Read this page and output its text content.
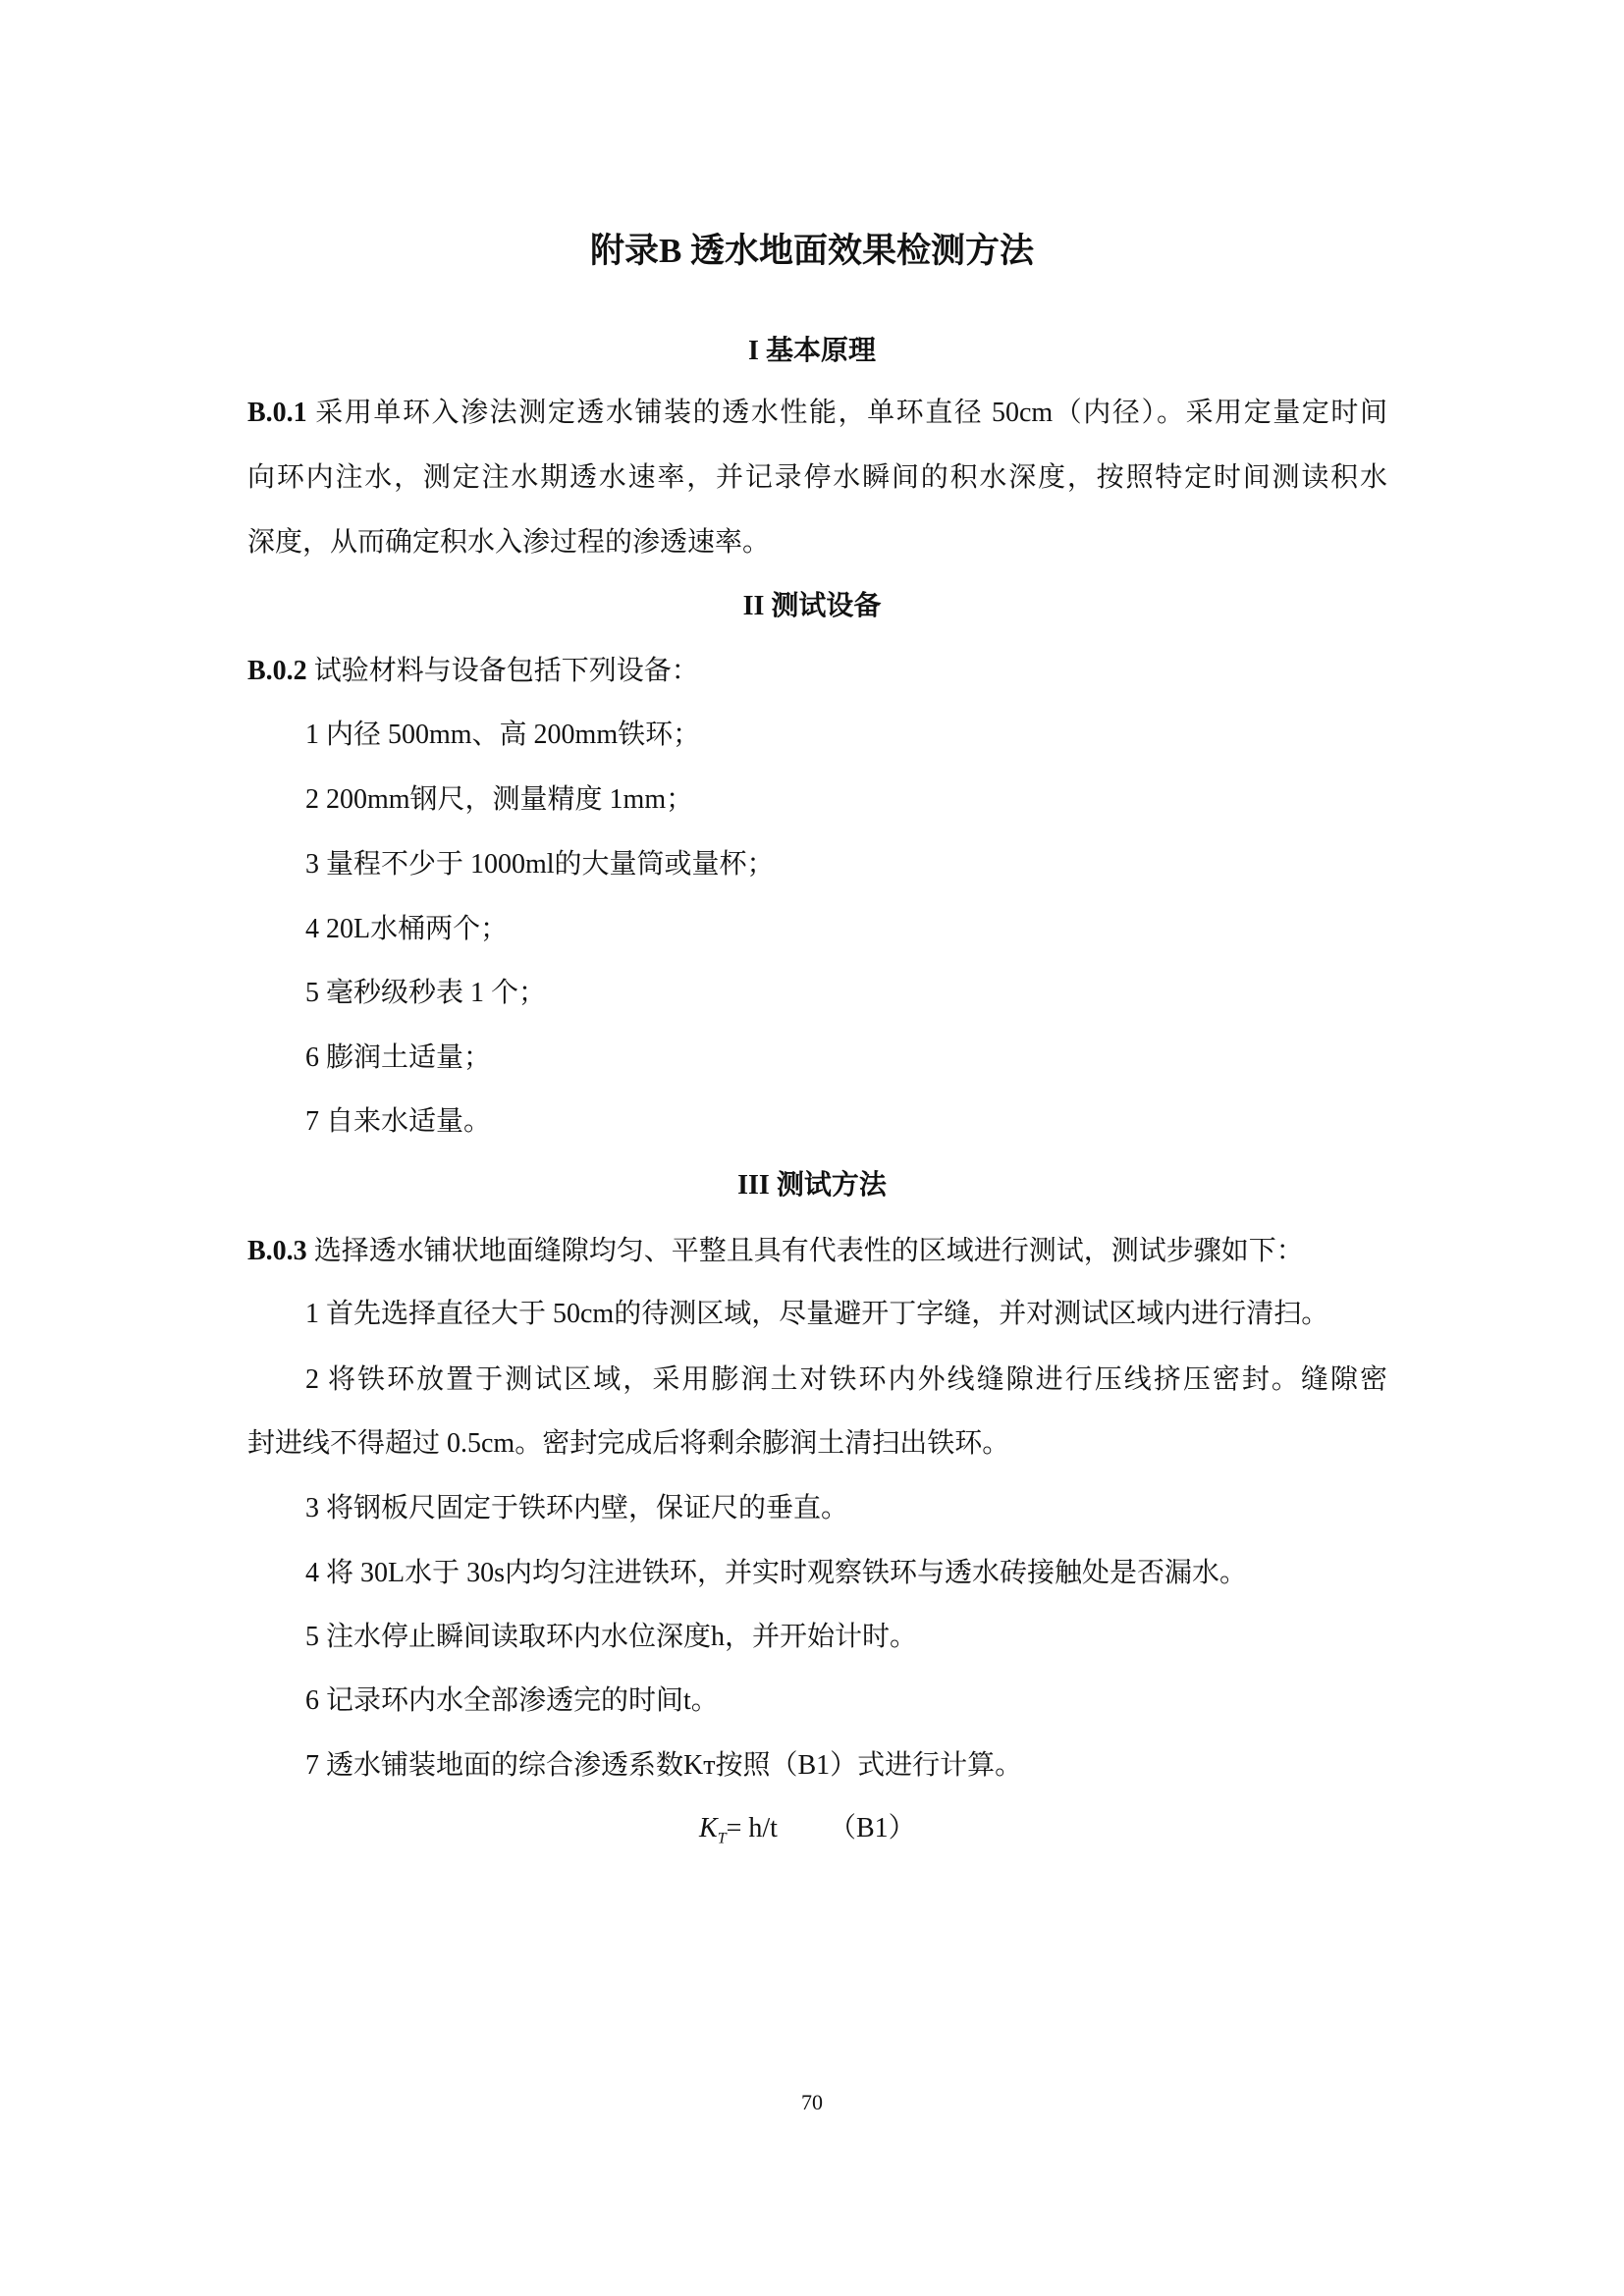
附录B 透水地面效果检测方法
I 基本原理
B.0.1 采用单环入渗法测定透水铺装的透水性能，单环直径 50cm（内径）。采用定量定时间
向环内注水，测定注水期透水速率，并记录停水瞬间的积水深度，按照特定时间测读积水
深度，从而确定积水入渗过程的渗透速率。
II 测试设备
B.0.2 试验材料与设备包括下列设备：
1 内径 500mm、高 200mm铁环；
2 200mm钢尺，测量精度 1mm；
3 量程不少于 1000ml的大量筒或量杯；
4 20L水桶两个；
5 毫秒级秒表 1 个；
6 膨润土适量；
7 自来水适量。
III 测试方法
B.0.3 选择透水铺状地面缝隙均匀、平整且具有代表性的区域进行测试，测试步骤如下：
1 首先选择直径大于 50cm的待测区域，尽量避开丁字缝，并对测试区域内进行清扫。
2 将铁环放置于测试区域，采用膨润土对铁环内外线缝隙进行压线挤压密封。缝隙密
封进线不得超过 0.5cm。密封完成后将剩余膨润土清扫出铁环。
3 将钢板尺固定于铁环内壁，保证尺的垂直。
4 将 30L水于 30s内均匀注进铁环，并实时观察铁环与透水砖接触处是否漏水。
5 注水停止瞬间读取环内水位深度h，并开始计时。
6 记录环内水全部渗透完的时间t。
7 透水铺装地面的综合渗透系数Kᴛ按照（B1）式进行计算。
$K_T= h/t$ （B1）
70
